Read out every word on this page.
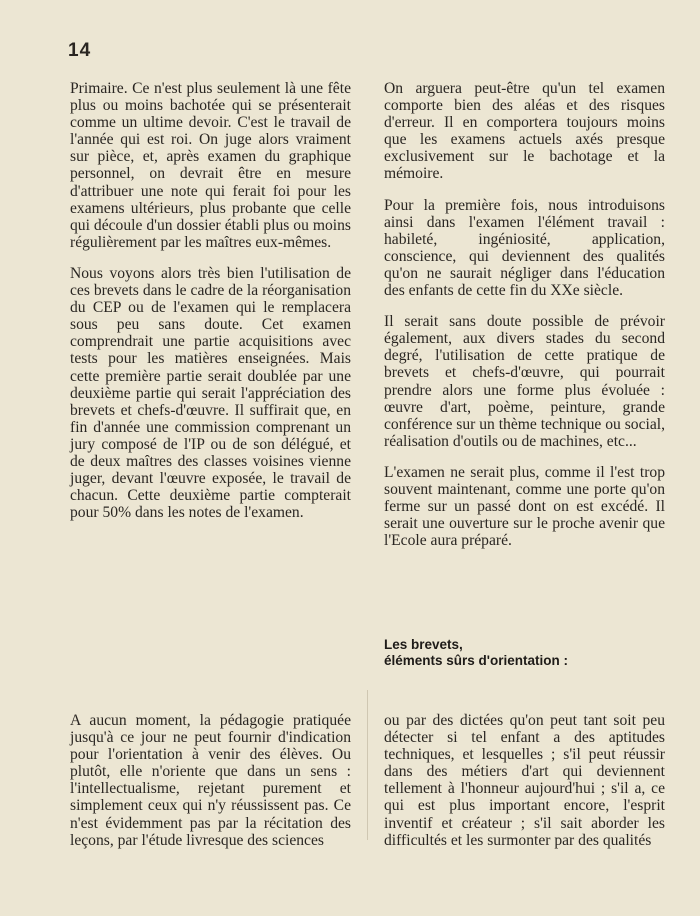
14

Primaire. Ce n'est plus seulement là une fête plus ou moins bachotée qui se présenterait comme un ultime devoir. C'est le travail de l'année qui est roi. On juge alors vraiment sur pièce, et, après examen du graphique personnel, on devrait être en mesure d'attribuer une note qui ferait foi pour les examens ultérieurs, plus probante que celle qui découle d'un dossier établi plus ou moins régulièrement par les maîtres eux-mêmes.

Nous voyons alors très bien l'utilisation de ces brevets dans le cadre de la réorganisation du CEP ou de l'examen qui le remplacera sous peu sans doute. Cet examen comprendrait une partie acquisitions avec tests pour les matières enseignées. Mais cette première partie serait doublée par une deuxième partie qui serait l'appréciation des brevets et chefs-d'œuvre. Il suffirait que, en fin d'année une commission comprenant un jury composé de l'IP ou de son délégué, et de deux maîtres des classes voisines vienne juger, devant l'œuvre exposée, le travail de chacun. Cette deuxième partie compterait pour 50% dans les notes de l'examen.

On arguera peut-être qu'un tel examen comporte bien des aléas et des risques d'erreur. Il en comportera toujours moins que les examens actuels axés presque exclusivement sur le bachotage et la mémoire.

Pour la première fois, nous introduisons ainsi dans l'examen l'élément travail : habileté, ingéniosité, application, conscience, qui deviennent des qualités qu'on ne saurait négliger dans l'éducation des enfants de cette fin du XXe siècle.

Il serait sans doute possible de prévoir également, aux divers stades du second degré, l'utilisation de cette pratique de brevets et chefs-d'œuvre, qui pourrait prendre alors une forme plus évoluée : œuvre d'art, poème, peinture, grande conférence sur un thème technique ou social, réalisation d'outils ou de machines, etc...

L'examen ne serait plus, comme il l'est trop souvent maintenant, comme une porte qu'on ferme sur un passé dont on est excédé. Il serait une ouverture sur le proche avenir que l'Ecole aura préparé.

Les brevets,
éléments sûrs d'orientation :

A aucun moment, la pédagogie pratiquée jusqu'à ce jour ne peut fournir d'indication pour l'orientation à venir des élèves. Ou plutôt, elle n'oriente que dans un sens : l'intellectualisme, rejetant purement et simplement ceux qui n'y réussissent pas. Ce n'est évidemment pas par la récitation des leçons, par l'étude livresque des sciences

ou par des dictées qu'on peut tant soit peu détecter si tel enfant a des aptitudes techniques, et lesquelles ; s'il peut réussir dans des métiers d'art qui deviennent tellement à l'honneur aujourd'hui ; s'il a, ce qui est plus important encore, l'esprit inventif et créateur ; s'il sait aborder les difficultés et les surmonter par des qualités
